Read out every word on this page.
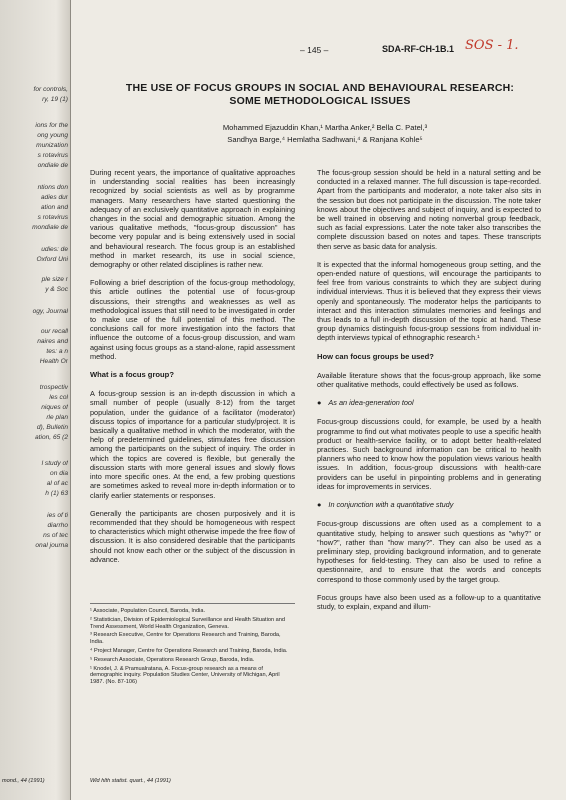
for controls,
ry, 19 (1)
ions for the
ong young
munization
s rotavirus
ondiale de
ntions don
adies dur
ation and
s rotavirus
mondiale de
udies: de
Oxford Uni
ple size r
y & Soc
ogy, Journal
our recall
naires and
tes: a n
Health Or
trospectiv
les col
niques of
rle plan
d), Bulletin
ation, 65 (2
l study of
on dia
al of ac
h (1) 63
ies of ti
diarrho
ns of tec
onal journa
– 145 –	SDA-RF-CH-1B.1 SOS - 1.
THE USE OF FOCUS GROUPS IN SOCIAL AND BEHAVIOURAL RESEARCH:
SOME METHODOLOGICAL ISSUES
Mohammed Ejazuddin Khan,¹ Martha Anker,² Bella C. Patel,³
Sandhya Barge,⁴ Hemlatha Sadhwani,⁴ & Ranjana Kohle⁵

During recent years, the importance of qualitative approaches in understanding social realities has been increasingly recognized by social scientists as well as by programme managers. Many researchers have started questioning the adequacy of an exclusively quantitative approach in explaining changes in the social and demographic situation. Among the various qualitative methods, "focus-group discussion" has become very popular and is being extensively used in social and behavioural research. The focus group is an established method in market research, its use in social science, demography or other related disciplines is rather new.

Following a brief description of the focus-group methodology, this article outlines the potential use of focus-group discussions, their strengths and weaknesses as well as methodological issues that still need to be investigated in order to make use of the full potential of this method. The conclusions call for more investigation into the factors that influence the outcome of a focus-group discussion, and warn against using focus groups as a stand-alone, rapid assessment method.

What is a focus group?

A focus-group session is an in-depth discussion in which a small number of people (usually 8-12) from the target population, under the guidance of a facilitator (moderator) discuss topics of importance for a particular study/project. It is basically a qualitative method in which the moderator, with the help of predetermined guidelines, stimulates free discussion among the participants on the subject of inquiry. The order in which the topics are covered is flexible, but generally the discussion starts with more general issues and slowly flows into more specific ones. At the end, a few probing questions are sometimes asked to reveal more in-depth information or to clarify earlier statements or responses.

Generally the participants are chosen purposively and it is recommended that they should be homogeneous with respect to characteristics which might otherwise impede the free flow of discussion. It is also considered desirable that the participants should not know each other or the subject of the discussion in advance.

¹ Associate, Population Council, Baroda, India.
² Statistician, Division of Epidemiological Surveillance and Health Situation and Trend Assessment, World Health Organization, Geneva.
³ Research Executive, Centre for Operations Research and Training, Baroda, India.
⁴ Project Manager, Centre for Operations Research and Training, Baroda, India.
⁵ Research Associate, Operations Research Group, Baroda, India.
¹ Knodel, J. & Pramualratana, A. Focus-group research as a means of demographic inquiry. Population Studies Center, University of Michigan, April 1987. (No. 87-106)
Wld hlth statist. quart., 44 (1991)
mond., 44 (1991)

The focus-group session should be held in a natural setting and be conducted in a relaxed manner. The full discussion is tape-recorded. Apart from the participants and moderator, a note taker also sits in the session but does not participate in the discussion. The note taker knows about the objectives and subject of inquiry, and is expected to be well trained in observing and noting nonverbal group feedback, such as facial expressions. Later the note taker also transcribes the complete discussion based on notes and tapes. These transcripts then serve as basic data for analysis.

It is expected that the informal homogeneous group setting, and the open-ended nature of questions, will encourage the participants to feel free from various constraints to which they are subject during individual interviews. Thus it is believed that they express their views openly and spontaneously. The moderator helps the participants to interact and this interaction stimulates memories and feelings and thus leads to a full in-depth discussion of the topic at hand. These group dynamics distinguish focus-group sessions from individual in-depth interviews typical of ethnographic research.¹

How can focus groups be used?

Available literature shows that the focus-group approach, like some other qualitative methods, could effectively be used as follows.

● As an idea-generation tool

Focus-group discussions could, for example, be used by a health programme to find out what motivates people to use a specific health product or health-service facility, or to adopt better health-related practices. Such background information can be critical to health planners who need to know how the population views various health issues. In addition, focus-group discussions with health-care providers can be useful in pinpointing problems and in generating ideas for improvements in services.

● In conjunction with a quantitative study

Focus-group discussions are often used as a complement to a quantitative study, helping to answer such questions as "why?" or "how?", rather than "how many?". They can also be used as a preliminary step, providing background information, and to generate hypotheses for field-testing. They can also be used to refine a questionnaire, and to ensure that the words and concepts correspond to those commonly used by the target group.

Focus groups have also been used as a follow-up to a quantitative study, to explain, expand and illum-
